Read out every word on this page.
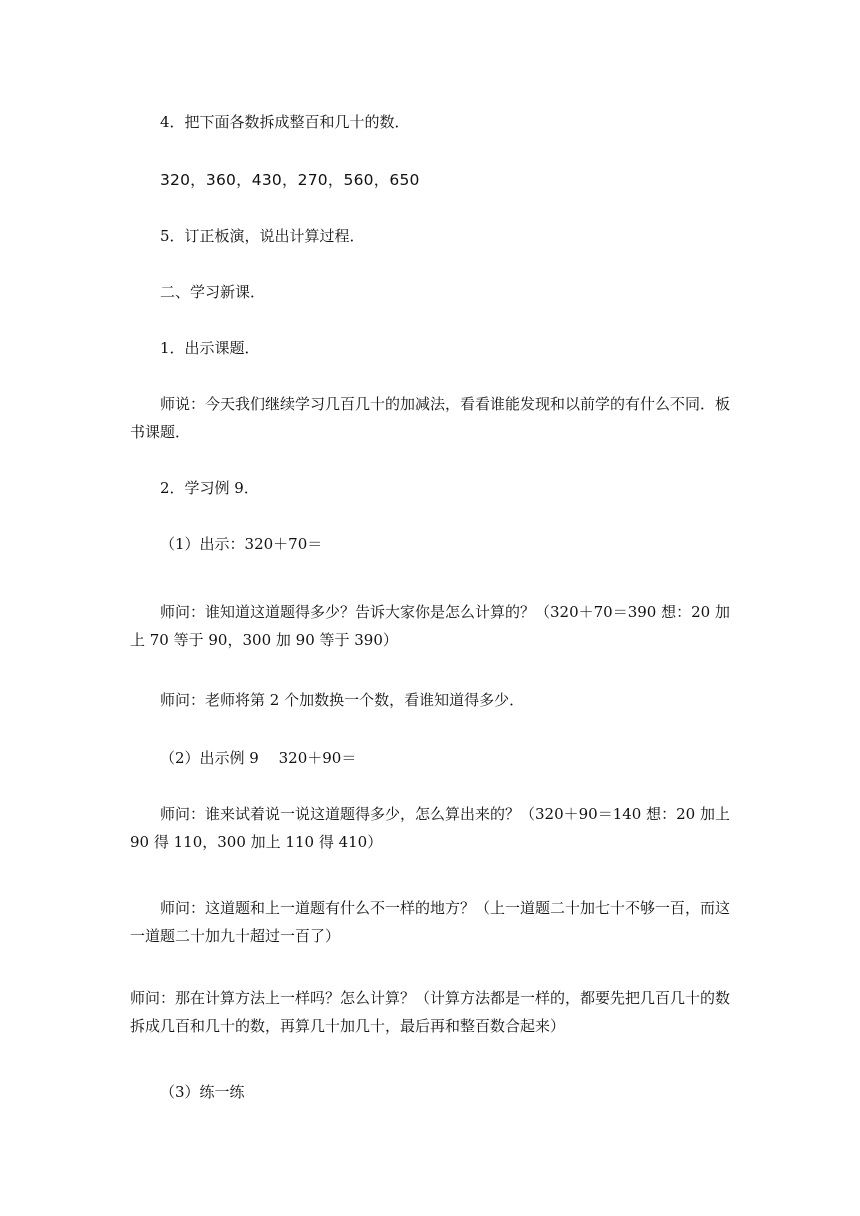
4．把下面各数拆成整百和几十的数．
320，360，430，270，560，650
5．订正板演，说出计算过程．
二、学习新课．
1．出示课题．
师说：今天我们继续学习几百几十的加减法，看看谁能发现和以前学的有什么不同．板书课题．
2．学习例 9．
（1）出示：320＋70＝
师问：谁知道这道题得多少？告诉大家你是怎么计算的？（320＋70＝390 想：20 加上 70 等于 90，300 加 90 等于 390）
师问：老师将第 2 个加数换一个数，看谁知道得多少．
（2）出示例 9 　320＋90＝
师问：谁来试着说一说这道题得多少，怎么算出来的？（320＋90＝140 想：20 加上 90 得 110，300 加上 110 得 410）
师问：这道题和上一道题有什么不一样的地方？（上一道题二十加七十不够一百，而这一道题二十加九十超过一百了）
师问：那在计算方法上一样吗？怎么计算？（计算方法都是一样的，都要先把几百几十的数拆成几百和几十的数，再算几十加几十，最后再和整百数合起来）
（3）练一练
